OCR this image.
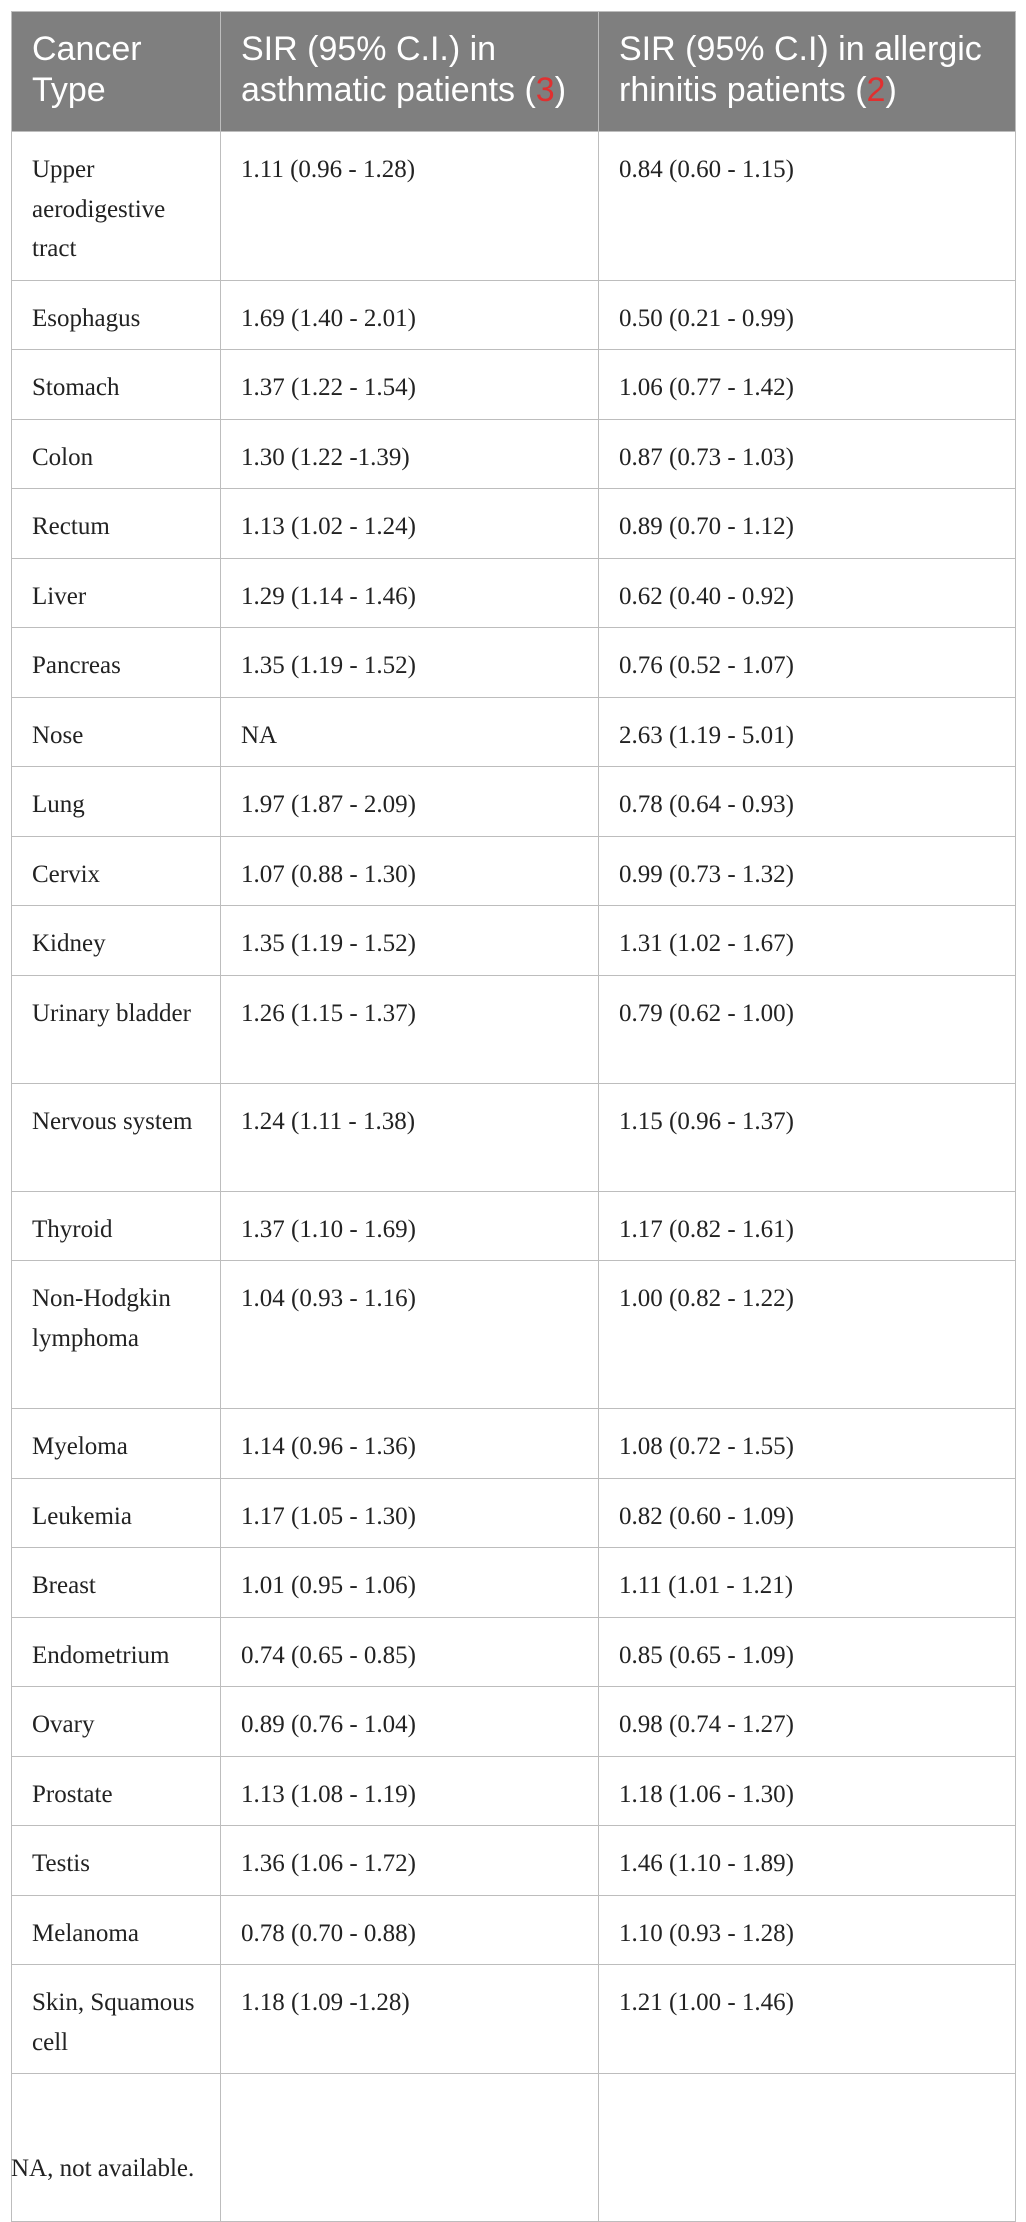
Cancer Type	SIR (95% C.I.) in asthmatic patients (3)	SIR (95% C.I) in allergic rhinitis patients (2)
Upper aerodigestive tract	1.11 (0.96 - 1.28)	0.84 (0.60 - 1.15)
Esophagus	1.69 (1.40 - 2.01)	0.50 (0.21 - 0.99)
Stomach	1.37 (1.22 - 1.54)	1.06 (0.77 - 1.42)
Colon	1.30 (1.22 -1.39)	0.87 (0.73 - 1.03)
Rectum	1.13 (1.02 - 1.24)	0.89 (0.70 - 1.12)
Liver	1.29 (1.14 - 1.46)	0.62 (0.40 - 0.92)
Pancreas	1.35 (1.19 - 1.52)	0.76 (0.52 - 1.07)
Nose	NA	2.63 (1.19 - 5.01)
Lung	1.97 (1.87 - 2.09)	0.78 (0.64 - 0.93)
Cervix	1.07 (0.88 - 1.30)	0.99 (0.73 - 1.32)
Kidney	1.35 (1.19 - 1.52)	1.31 (1.02 - 1.67)
Urinary bladder	1.26 (1.15 - 1.37)	0.79 (0.62 - 1.00)
Nervous system	1.24 (1.11 - 1.38)	1.15 (0.96 - 1.37)
Thyroid	1.37 (1.10 - 1.69)	1.17 (0.82 - 1.61)
Non-Hodgkin lymphoma	1.04 (0.93 - 1.16)	1.00 (0.82 - 1.22)
Myeloma	1.14 (0.96 - 1.36)	1.08 (0.72 - 1.55)
Leukemia	1.17 (1.05 - 1.30)	0.82 (0.60 - 1.09)
Breast	1.01 (0.95 - 1.06)	1.11 (1.01 - 1.21)
Endometrium	0.74 (0.65 - 0.85)	0.85 (0.65 - 1.09)
Ovary	0.89 (0.76 - 1.04)	0.98 (0.74 - 1.27)
Prostate	1.13 (1.08 - 1.19)	1.18 (1.06 - 1.30)
Testis	1.36 (1.06 - 1.72)	1.46 (1.10 - 1.89)
Melanoma	0.78 (0.70 - 0.88)	1.10 (0.93 - 1.28)
Skin, Squamous cell	1.18 (1.09 -1.28)	1.21 (1.00 - 1.46)

NA, not available.
